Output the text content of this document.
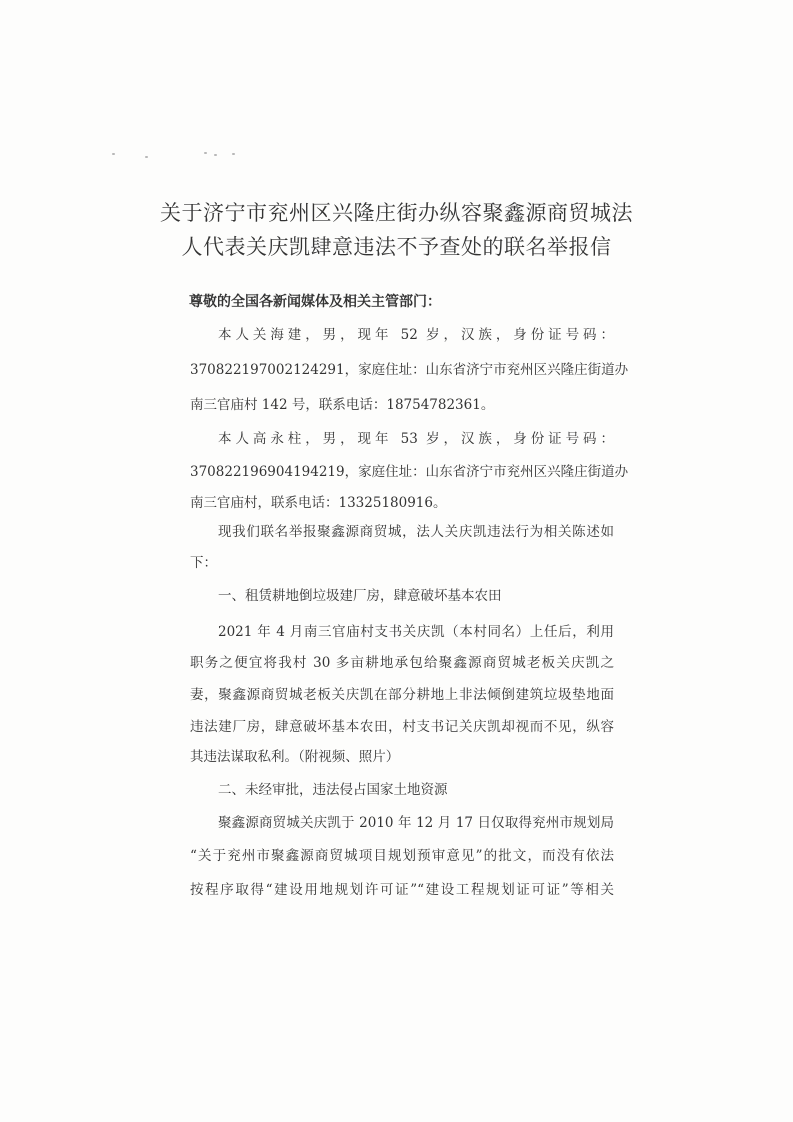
关于济宁市兖州区兴隆庄街办纵容聚鑫源商贸城法
人代表关庆凯肆意违法不予查处的联名举报信

尊敬的全国各新闻媒体及相关主管部门：

本人关海建，男，现年 52 岁，汉族，身份证号码：

370822197002124291，家庭住址：山东省济宁市兖州区兴隆庄街道办

南三官庙村 142 号，联系电话：18754782361。

本人高永柱，男，现年 53 岁，汉族，身份证号码：

370822196904194219，家庭住址：山东省济宁市兖州区兴隆庄街道办

南三官庙村，联系电话：13325180916。

现我们联名举报聚鑫源商贸城，法人关庆凯违法行为相关陈述如

下：

一、租赁耕地倒垃圾建厂房，肆意破坏基本农田

2021 年 4 月南三官庙村支书关庆凯（本村同名）上任后，利用

职务之便宜将我村 30 多亩耕地承包给聚鑫源商贸城老板关庆凯之

妻，聚鑫源商贸城老板关庆凯在部分耕地上非法倾倒建筑垃圾垫地面

违法建厂房，肆意破坏基本农田，村支书记关庆凯却视而不见，纵容

其违法谋取私利。（附视频、照片）

二、未经审批，违法侵占国家土地资源

聚鑫源商贸城关庆凯于 2010 年 12 月 17 日仅取得兖州市规划局

“关于兖州市聚鑫源商贸城项目规划预审意见”的批文，而没有依法

按程序取得“建设用地规划许可证”“建设工程规划证可证”等相关
